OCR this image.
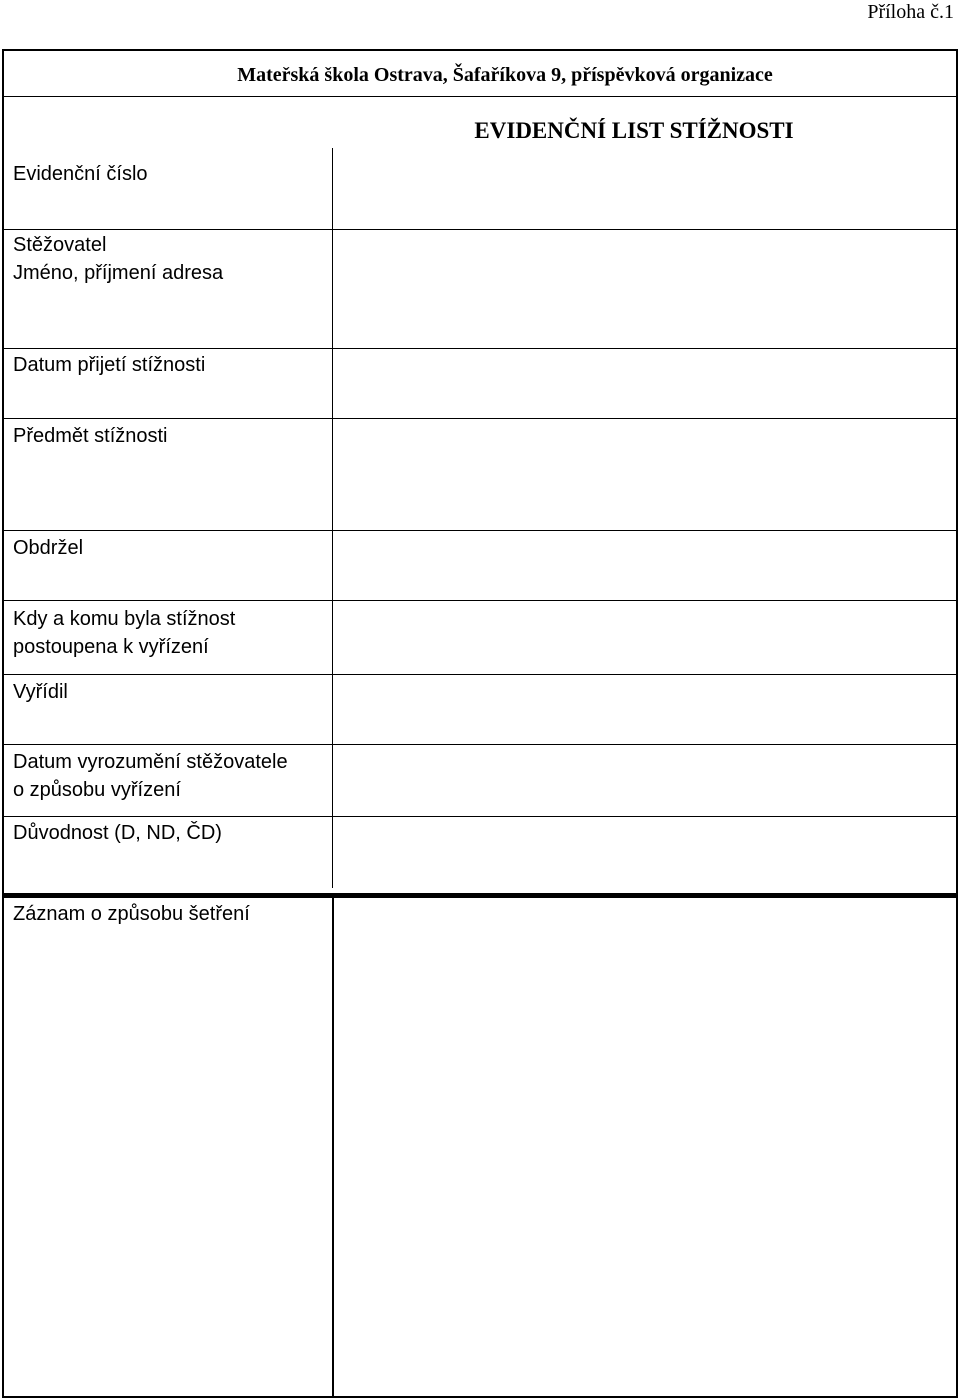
Příloha č.1
Mateřská škola Ostrava, Šafaříkova 9, příspěvková organizace
EVIDENČNÍ LIST STÍŽNOSTI
Evidenční číslo
Stěžovatel
Jméno, příjmení adresa
Datum přijetí stížnosti
Předmět stížnosti
Obdržel
Kdy a komu byla stížnost
postoupena k vyřízení
Vyřídil
Datum vyrozumění stěžovatele
o způsobu vyřízení
Důvodnost (D, ND, ČD)
Záznam o způsobu šetření
